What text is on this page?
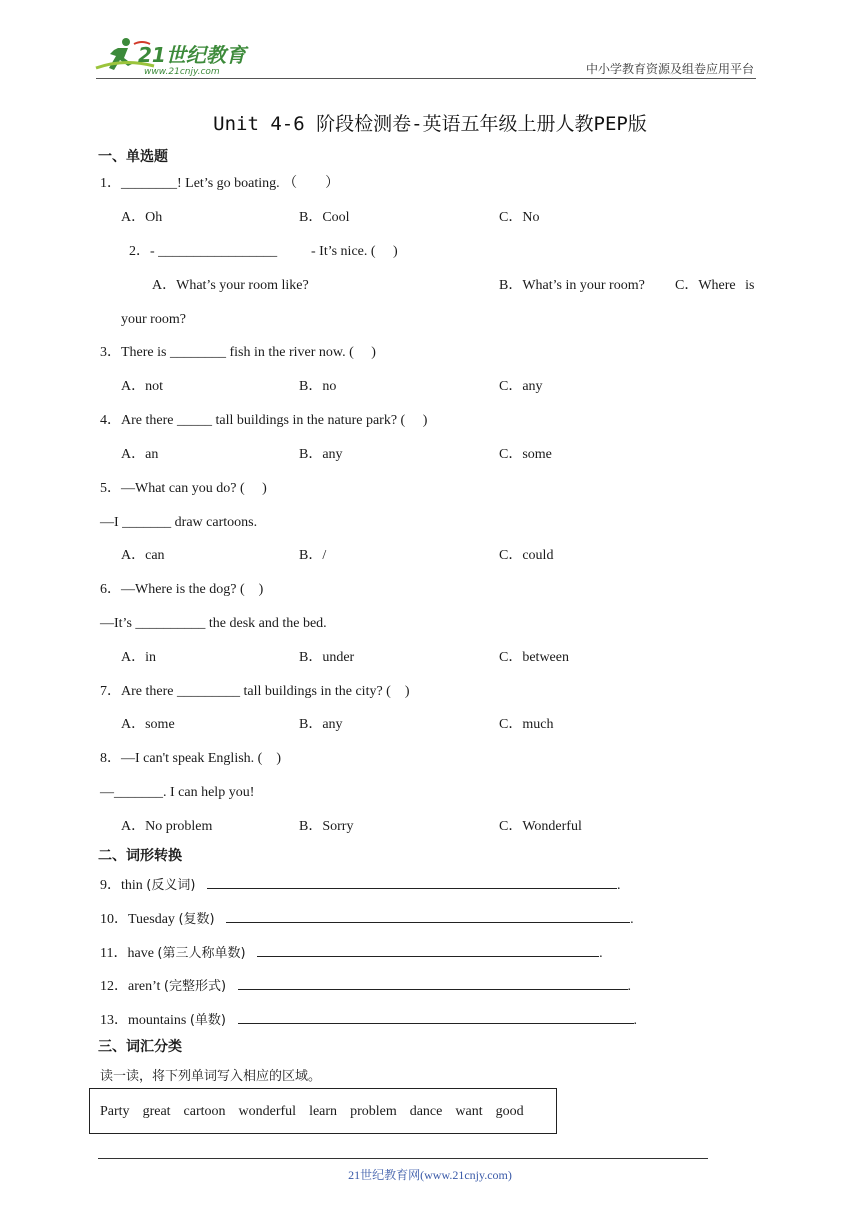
21世纪教育
www.21cnjy.com	中小学教育资源及组卷应用平台
Unit 4-6 阶段检测卷-英语五年级上册人教PEP版
一、单选题
1．________! Let’s go boating. （　　）
A．Oh	B．Cool	C．No
2．- _________________ - It’s nice. (　 )
A．What’s your room like?	B．What’s in your room? C．Where is
your room?
3．There is ________ fish in the river now. (　 )
A．not	B．no	C．any
4．Are there _____ tall buildings in the nature park? (　 )
A．an	B．any	C．some
5．—What can you do? (　 )
—I _______ draw cartoons.
A．can	B．/	C．could
6．—Where is the dog? (　)
—It’s __________ the desk and the bed.
A．in	B．under	C．between
7．Are there _________ tall buildings in the city? (　)
A．some	B．any	C．much
8．—I can't speak English. (　)
—_______. I can help you!
A．No problem	B．Sorry	C．Wonderful
二、词形转换
9．thin (反义词)	.
10．Tuesday (复数)	.
11．have (第三人称单数)	.
12．aren’t (完整形式)	.
13．mountains (单数)	.
三、词汇分类
读一读，将下列单词写入相应的区域。
Party great cartoon wonderful learn problem dance want good
21世纪教育网(www.21cnjy.com)
